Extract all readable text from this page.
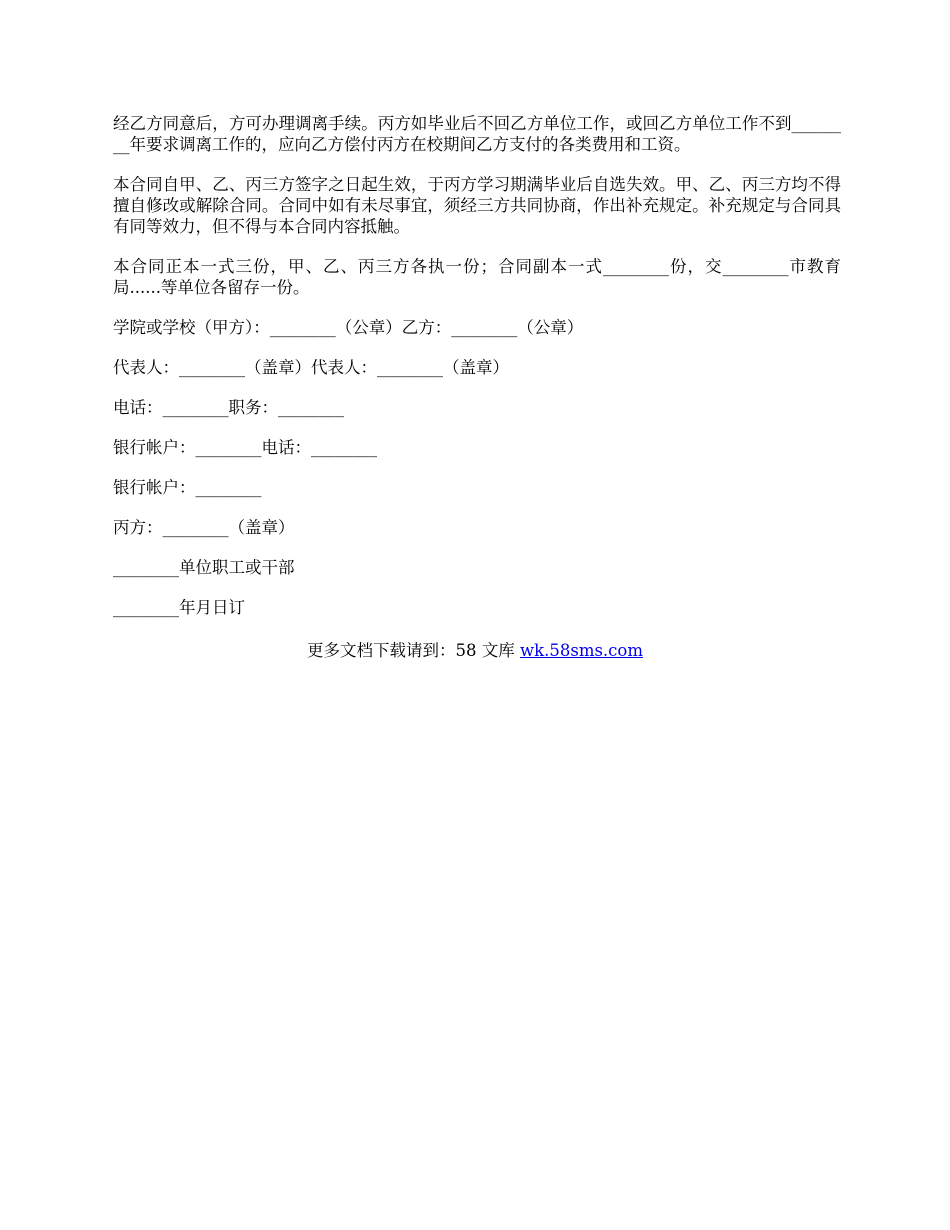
经乙方同意后，方可办理调离手续。丙方如毕业后不回乙方单位工作，或回乙方单位工作不到________年要求调离工作的，应向乙方偿付丙方在校期间乙方支付的各类费用和工资。

本合同自甲、乙、丙三方签字之日起生效，于丙方学习期满毕业后自选失效。甲、乙、丙三方均不得擅自修改或解除合同。合同中如有未尽事宜，须经三方共同协商，作出补充规定。补充规定与合同具有同等效力，但不得与本合同内容抵触。

本合同正本一式三份，甲、乙、丙三方各执一份；合同副本一式________份，交________市教育局......等单位各留存一份。

学院或学校（甲方）：________（公章）乙方：________（公章）
代表人：________（盖章）代表人：________（盖章）
电话：________职务：________
银行帐户：________电话：________
银行帐户：________
丙方：________（盖章）
________单位职工或干部
________年月日订
更多文档下载请到：58 文库 wk.58sms.com
